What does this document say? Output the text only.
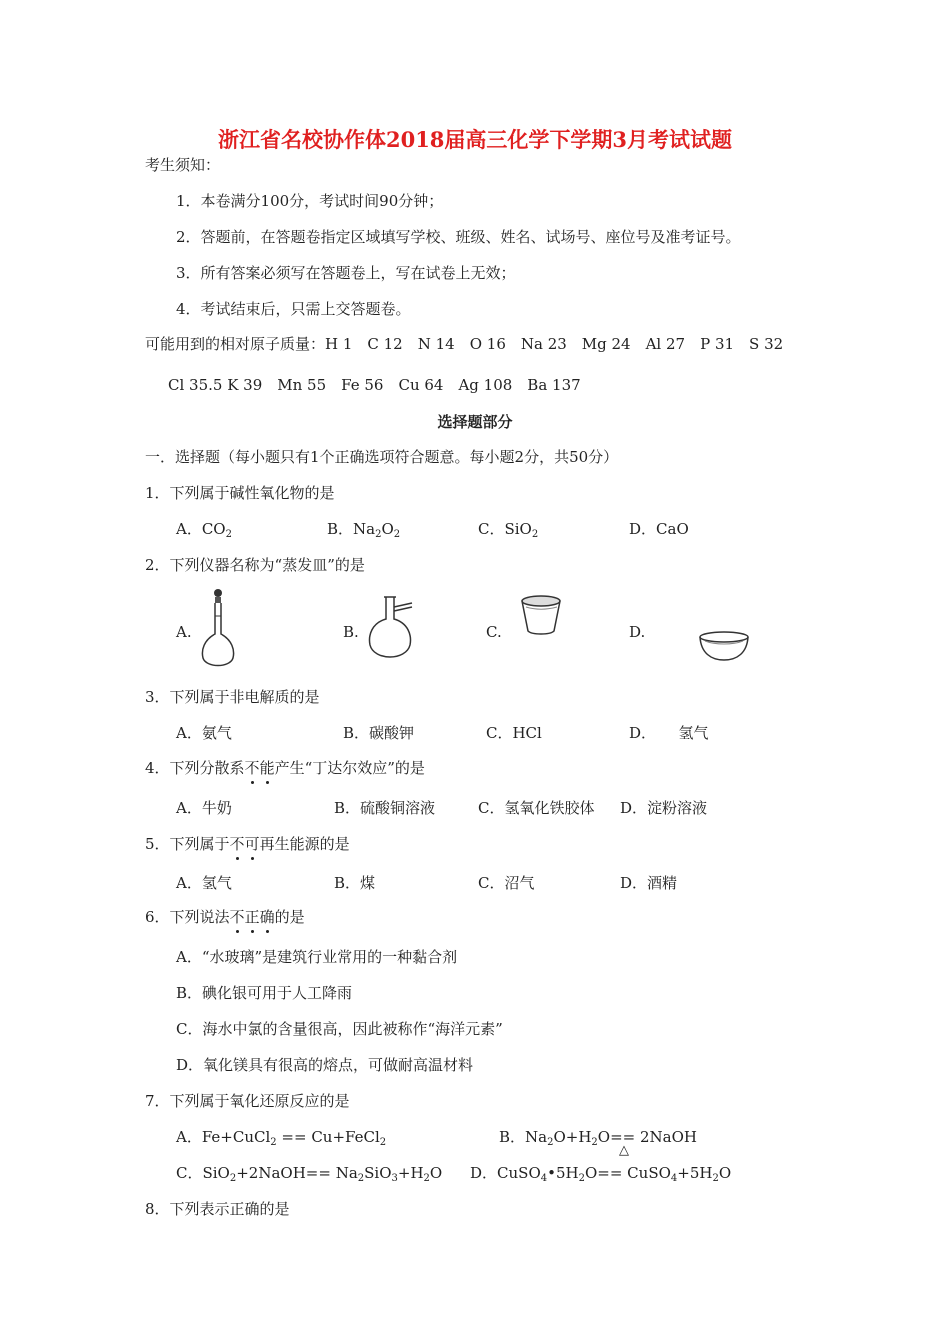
浙江省名校协作体2018届高三化学下学期3月考试试题
考生须知：
1．本卷满分100分，考试时间90分钟；
2．答题前，在答题卷指定区域填写学校、班级、姓名、试场号、座位号及准考证号。
3．所有答案必须写在答题卷上，写在试卷上无效；
4．考试结束后，只需上交答题卷。
可能用到的相对原子质量：H 1　C 12　N 14　O 16　Na 23　Mg 24　Al 27　P 31　S 32
Cl 35.5 K 39　Mn 55　Fe 56　Cu 64　Ag 108　Ba 137
选择题部分
一．选择题（每小题只有1个正确选项符合题意。每小题2分，共50分）
1．下列属于碱性氧化物的是
A．$CO_2$	B．$Na_2O_2$	C．SiO$_2$	D．CaO
2．下列仪器名称为“蒸发皿”的是
A.	B.	C.	D.
3．下列属于非电解质的是
A．氨气	B．碳酸钾	C．HCl	D．　　氢气
4．下列分散系不
能
产生“丁达尔效应”的是
A．牛奶	B．硫酸铜溶液	C．氢氧化铁胶体 D．淀粉溶液
5．下列属于不
可
再生能源的是
A．氢气	B．煤	C．沼气	D．酒精
6．下列说法不
正
确
的是
A．“水玻璃”是建筑行业常用的一种黏合剂
B．碘化银可用于人工降雨
C．海水中氯的含量很高，因此被称作“海洋元素”
D．氧化镁具有很高的熔点，可做耐高温材料
7．下列属于氧化还原反应的是
A．Fe+CuCl$_2$ == Cu+FeCl$_2$	B．$Na_2O+H_2O==$ 2NaOH
△
C．SiO$_2$+2NaOH== $Na_2SiO_3+H_2O$ D．$CuSO_4•5H_2O==$ $CuSO_4+5H_2O$
8．下列表示正确的是
